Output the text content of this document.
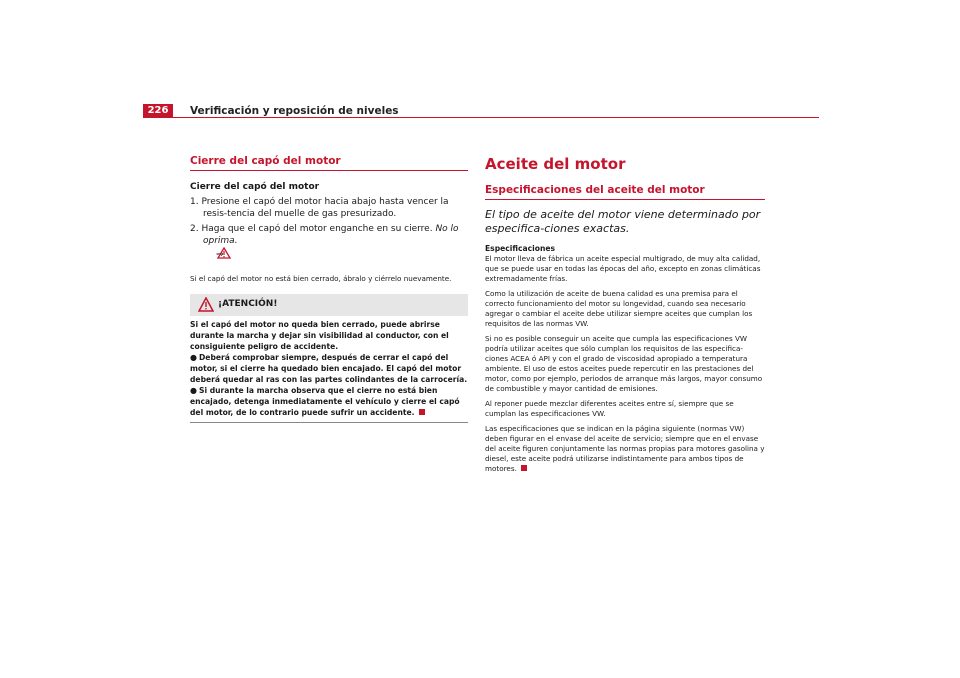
226	Verificación y reposición de niveles
Cierre del capó del motor
Cierre del capó del motor
1. Presione el capó del motor hacia abajo hasta vencer la resis-tencia del muelle de gas presurizado.
2. Haga que el capó del motor enganche en su cierre. No lo oprima.
⇒
Si el capó del motor no está bien cerrado, ábralo y ciérrelo nuevamente.
¡ATENCIÓN!

Si el capó del motor no queda bien cerrado, puede abrirse durante la marcha y dejar sin visibilidad al conductor, con el consiguiente peligro de accidente.

● Deberá comprobar siempre, después de cerrar el capó del motor, si el cierre ha quedado bien encajado. El capó del motor deberá quedar al ras con las partes colindantes de la carrocería.

● Si durante la marcha observa que el cierre no está bien encajado, detenga inmediatamente el vehículo y cierre el capó del motor, de lo contrario puede sufrir un accidente.

Aceite del motor
Especificaciones del aceite del motor
El tipo de aceite del motor viene determinado por especifica-ciones exactas.
Especificaciones

El motor lleva de fábrica un aceite especial multigrado, de muy alta calidad, que se puede usar en todas las épocas del año, excepto en zonas climáticas extremadamente frías.

Como la utilización de aceite de buena calidad es una premisa para el correcto funcionamiento del motor su longevidad, cuando sea necesario agregar o cambiar el aceite debe utilizar siempre aceites que cumplan los requisitos de las normas VW.

Si no es posible conseguir un aceite que cumpla las especificaciones VW podría utilizar aceites que sólo cumplan los requisitos de las especifica-ciones ACEA ó API y con el grado de viscosidad apropiado a temperatura ambiente. El uso de estos aceites puede repercutir en las prestaciones del motor, como por ejemplo, periodos de arranque más largos, mayor consumo de combustible y mayor cantidad de emisiones.

Al reponer puede mezclar diferentes aceites entre sí, siempre que se cumplan las especificaciones VW.

Las especificaciones que se indican en la página siguiente (normas VW) deben figurar en el envase del aceite de servicio; siempre que en el envase del aceite figuren conjuntamente las normas propias para motores gasolina y diesel, este aceite podrá utilizarse indistintamente para ambos tipos de motores.
